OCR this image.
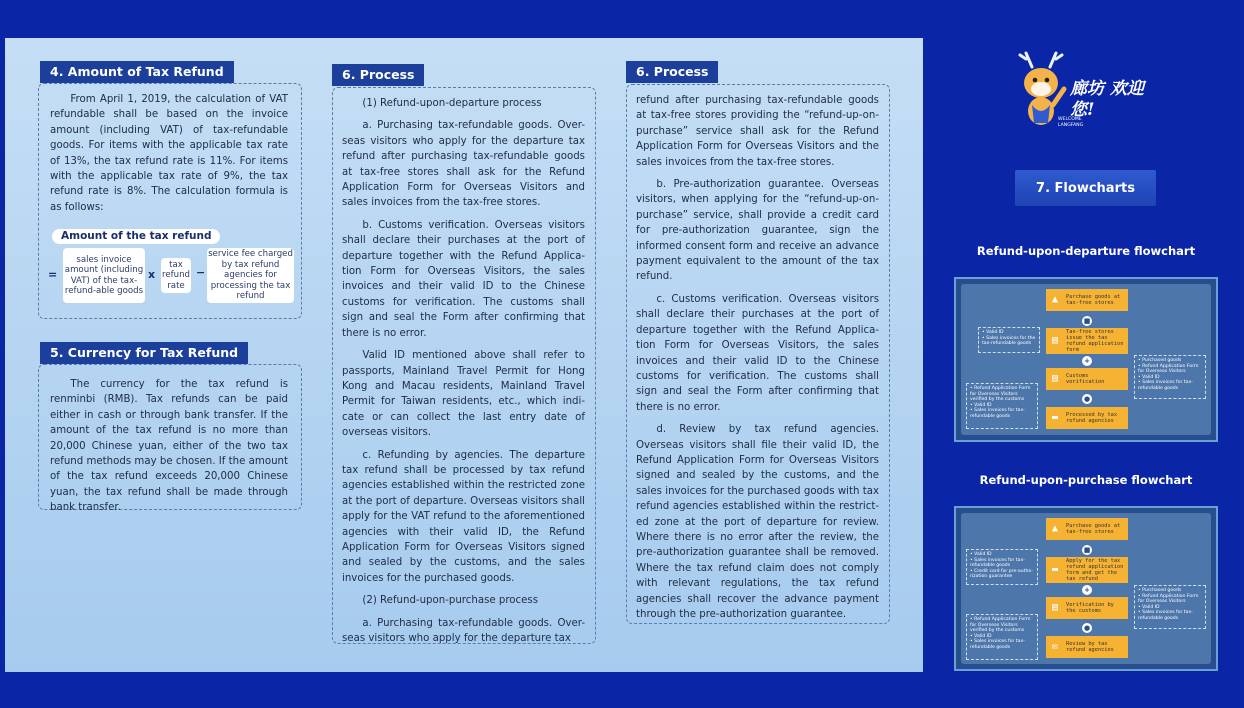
4. Amount of Tax Refund

From April 1, 2019, the calculation of VAT refundable shall be based on the invoice amount (including VAT) of tax-refundable goods. For items with the applicable tax rate of 13%, the tax refund rate is 11%. For items with the applicable tax rate of 9%, the tax refund rate is 8%. The calculation formula is as follows:

Amount of the tax refund
=
sales invoice amount (including VAT) of the tax-refund-able goods
x
tax refund rate
−
service fee charged by tax refund agencies for processing the tax refund
5. Currency for Tax Refund

The currency for the tax refund is renminbi (RMB). Tax refunds can be paid either in cash or through bank transfer. If the amount of the tax refund is no more than 20,000 Chinese yuan, either of the two tax refund methods may be chosen. If the amount of the tax refund exceeds 20,000 Chinese yuan, the tax refund shall be made through bank transfer.

6. Process

(1) Refund-upon-departure process

a. Purchasing tax-refundable goods. Over-seas visitors who apply for the departure tax refund after purchasing tax-refundable goods at tax-free stores shall ask for the Refund Application Form for Overseas Visitors and sales invoices from the tax-free stores.

b. Customs verification. Overseas visitors shall declare their purchases at the port of departure together with the Refund Applica-tion Form for Overseas Visitors, the sales invoices and their valid ID to the Chinese customs for verification. The customs shall sign and seal the Form after confirming that there is no error.

Valid ID mentioned above shall refer to passports, Mainland Travel Permit for Hong Kong and Macau residents, Mainland Travel Permit for Taiwan residents, etc., which indi-cate or can collect the last entry date of overseas visitors.

c. Refunding by agencies. The departure tax refund shall be processed by tax refund agencies established within the restricted zone at the port of departure. Overseas visitors shall apply for the VAT refund to the aforementioned agencies with their valid ID, the Refund Application Form for Overseas Visitors signed and sealed by the customs, and the sales invoices for the purchased goods.

(2) Refund-upon-purchase process

a. Purchasing tax-refundable goods. Over-seas visitors who apply for the departure tax

6. Process

refund after purchasing tax-refundable goods at tax-free stores providing the “refund-up-on-purchase” service shall ask for the Refund Application Form for Overseas Visitors and the sales invoices from the tax-free stores.

b. Pre-authorization guarantee. Overseas visitors, when applying for the “refund-up-on-purchase” service, shall provide a credit card for pre-authorization guarantee, sign the informed consent form and receive an advance payment equivalent to the amount of the tax refund.

c. Customs verification. Overseas visitors shall declare their purchases at the port of departure together with the Refund Applica-tion Form for Overseas Visitors, the sales invoices and their valid ID to the Chinese customs for verification. The customs shall sign and seal the Form after confirming that there is no error.

d. Review by tax refund agencies. Overseas visitors shall file their valid ID, the Refund Application Form for Overseas Visitors signed and sealed by the customs, and the sales invoices for the purchased goods with tax refund agencies established within the restrict-ed zone at the port of departure for review. Where there is no error after the review, the pre-authorization guarantee shall be removed. Where the tax refund claim does not comply with relevant regulations, the tax refund agencies shall recover the advance payment through the pre-authorization guarantee.

廊坊 欢迎您!
WELCOME
LANGFANG
7. Flowcharts
Refund-upon-departure flowchart
▲	Purchase goods at tax-free stores
■
▤
Tax-free stores issue the tax refund application form
+
▤	Customs verification
●
▬	Processed by tax refund agencies
• Valid ID
• Sales invoices for the tax-refundable goods
• Purchased goods
• Refund Application Form for Overseas Visitors
• Valid ID
• Sales invoices for tax-refundable goods
• Refund Application Form for Overseas Visitors verified by the customs
• Valid ID
• Sales invoices for tax-refundable goods
Refund-upon-purchase flowchart
▲	Purchase goods at tax-free stores
■
▬
Apply for the tax refund application form and get the tax refund
+
▤	Verification by the customs
●
✉	Review by tax refund agencies
• Valid ID
• Sales invoices for tax-refundable goods
• Credit card for pre-autho-rization guarantee
• Purchased goods
• Refund Application Form for Overseas Visitors
• Valid ID
• Sales invoices for tax-refundable goods
• Refund Application Form for Overseas Visitors verified by the customs
• Valid ID
• Sales invoices for tax-refundable goods
